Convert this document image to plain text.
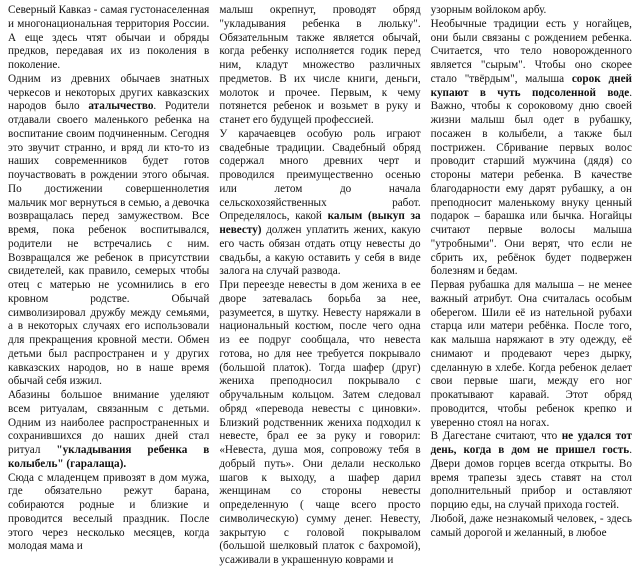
Северный Кавказ - самая густонаселенная и многонациональная территория России. А еще здесь чтят обычаи и обряды предков, передавая их из поколения в поколение.

Одним из древних обычаев знатных черкесов и некоторых других кавказских народов было аталычество. Родители отдавали своего маленького ребенка на воспитание своим подчиненным. Сегодня это звучит странно, и вряд ли кто-то из наших современников будет готов поучаствовать в рождении этого обычая. По достижении совершеннолетия мальчик мог вернуться в семью, а девочка возвращалась перед замужеством. Все время, пока ребенок воспитывался, родители не встречались с ним. Возвращался же ребенок в присутствии свидетелей, как правило, семерых чтобы отец с матерью не усомнились в его кровном родстве. Обычай символизировал дружбу между семьями, а в некоторых случаях его использовали для прекращения кровной мести. Обмен детьми был распространен и у других кавказских народов, но в наше время обычай себя изжил.

Абазины большое внимание уделяют всем ритуалам, связанным с детьми. Одним из наиболее распространенных и сохранившихся до наших дней стал ритуал "укладывания ребенка в колыбель" (гаралаща).

Сюда с младенцем привозят в дом мужа, где обязательно режут барана, собираются родные и близкие и проводится веселый праздник. После этого через несколько месяцев, когда молодая мама и

малыш окрепнут, проводят обряд "укладывания ребенка в люльку". Обязательным также является обычай, когда ребенку исполняется годик перед ним, кладут множество различных предметов. В их числе книги, деньги, молоток и прочее. Первым, к чему потянется ребенок и возьмет в руку и станет его будущей профессией.

У карачаевцев особую роль играют свадебные традиции. Свадебный обряд содержал много древних черт и проводился преимущественно осенью или летом до начала сельскохозяйственных работ. Определялось, какой калым (выкуп за невесту) должен уплатить жених, какую его часть обязан отдать отцу невесты до свадьбы, а какую оставить у себя в виде залога на случай развода.

При переезде невесты в дом жениха в ее дворе затевалась борьба за нее, разумеется, в шутку. Невесту наряжали в национальный костюм, после чего одна из ее подруг сообщала, что невеста готова, но для нее требуется покрывало (большой платок). Тогда шафер (друг) жениха преподносил покрывало с обручальным кольцом. Затем следовал обряд «перевода невесты с циновки». Близкий родственник жениха подходил к невесте, брал ее за руку и говорил: «Невеста, душа моя, сопровожу тебя в добрый путь». Они делали несколько шагов к выходу, а шафер дарил женщинам со стороны невесты определенную ( чаще всего просто символическую) сумму денег. Невесту, закрытую с головой покрывалом (большой шелковый платок с бахромой), усаживали в украшенную коврами и

узорным войлоком арбу.

Необычные традиции есть у ногайцев, они были связаны с рождением ребенка. Считается, что тело новорожденного является "сырым". Чтобы оно скорее стало "твёрдым", малыша сорок дней купают в чуть подсоленной воде. Важно, чтобы к сороковому дню своей жизни малыш был одет в рубашку, посажен в колыбели, а также был пострижен. Сбривание первых волос проводит старший мужчина (дядя) со стороны матери ребенка. В качестве благодарности ему дарят рубашку, а он преподносит маленькому внуку ценный подарок – барашка или бычка. Ногайцы считают первые волосы малыша "утробными". Они верят, что если не сбрить их, ребёнок будет подвержен болезням и бедам.

Первая рубашка для малыша – не менее важный атрибут. Она считалась особым оберегом. Шили её из нательной рубахи старца или матери ребёнка. После того, как малыша наряжают в эту одежду, её снимают и продевают через дырку, сделанную в хлебе. Когда ребенок делает свои первые шаги, между его ног прокатывают каравай. Этот обряд проводится, чтобы ребенок крепко и уверенно стоял на ногах.

В Дагестане считают, что не удался тот день, когда в дом не пришел гость. Двери домов горцев всегда открыты. Во время трапезы здесь ставят на стол дополнительный прибор и оставляют порцию еды, на случай прихода гостей.

Любой, даже незнакомый человек, - здесь самый дорогой и желанный, в любое
